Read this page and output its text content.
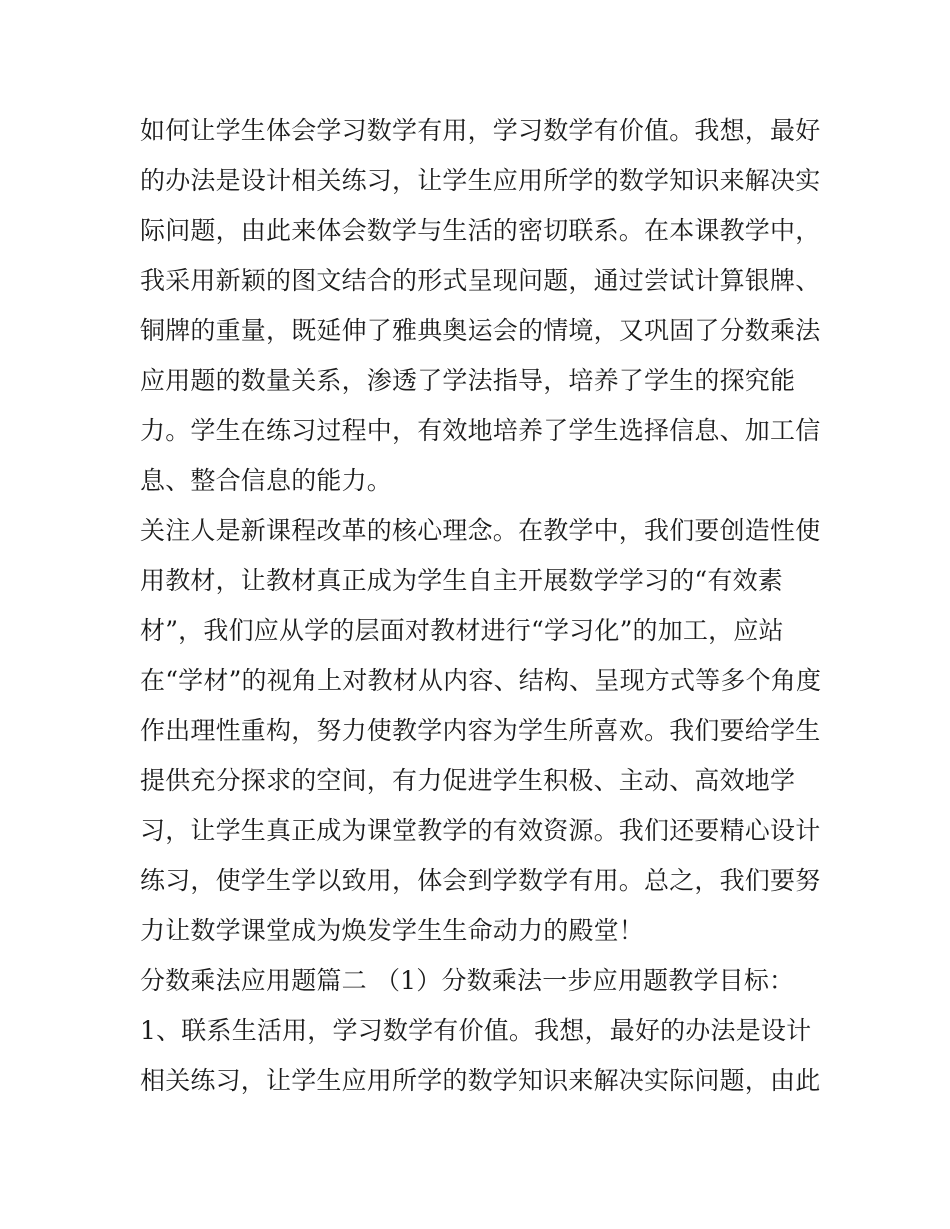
如何让学生体会学习数学有用，学习数学有价值。我想，最好
的办法是设计相关练习，让学生应用所学的数学知识来解决实
际问题，由此来体会数学与生活的密切联系。在本课教学中，
我采用新颖的图文结合的形式呈现问题，通过尝试计算银牌、
铜牌的重量，既延伸了雅典奥运会的情境，又巩固了分数乘法
应用题的数量关系，渗透了学法指导，培养了学生的探究能
力。学生在练习过程中，有效地培养了学生选择信息、加工信
息、整合信息的能力。
关注人是新课程改革的核心理念。在教学中，我们要创造性使
用教材，让教材真正成为学生自主开展数学学习的“有效素
材”，我们应从学的层面对教材进行“学习化”的加工，应站
在“学材”的视角上对教材从内容、结构、呈现方式等多个角度
作出理性重构，努力使教学内容为学生所喜欢。我们要给学生
提供充分探求的空间，有力促进学生积极、主动、高效地学
习，让学生真正成为课堂教学的有效资源。我们还要精心设计
练习，使学生学以致用，体会到学数学有用。总之，我们要努
力让数学课堂成为焕发学生生命动力的殿堂！
分数乘法应用题篇二 （1）分数乘法一步应用题教学目标：
1、联系生活用，学习数学有价值。我想，最好的办法是设计
相关练习，让学生应用所学的数学知识来解决实际问题，由此
